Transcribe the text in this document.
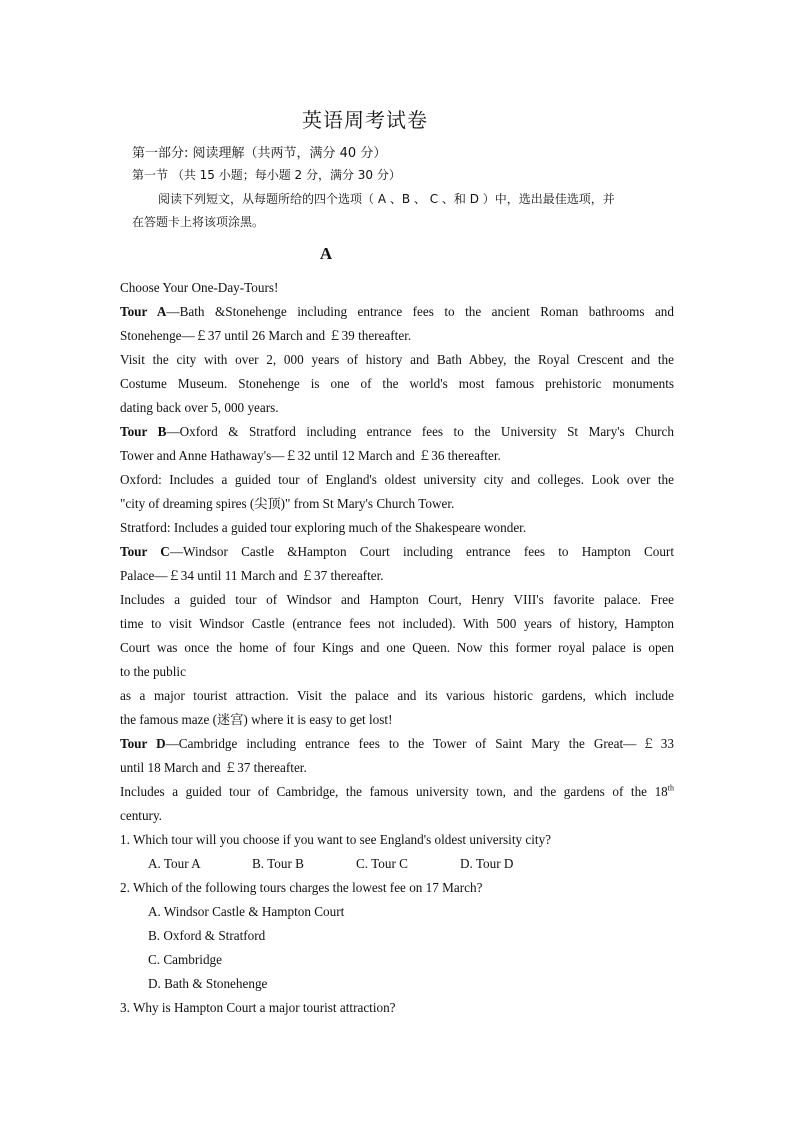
英语周考试卷
第一部分: 阅读理解（共两节，满分 40 分）
第一节 （共 15 小题；每小题 2 分，满分 30 分）
阅读下列短文，从每题所给的四个选项（ A 、B 、 C 、和 D ）中，选出最佳选项，并
在答题卡上将该项涂黑。
A
Choose Your One-Day-Tours!
Tour A—Bath &Stonehenge including entrance fees to the ancient Roman bathrooms and
Stonehenge—￡37 until 26 March and ￡39 thereafter.
Visit the city with over 2, 000 years of history and Bath Abbey, the Royal Crescent and the
Costume Museum. Stonehenge is one of the world's most famous prehistoric monuments
dating back over 5, 000 years.
Tour B—Oxford & Stratford including entrance fees to the University St Mary's Church
Tower and Anne Hathaway's—￡32 until 12 March and ￡36 thereafter.
Oxford: Includes a guided tour of England's oldest university city and colleges. Look over the
"city of dreaming spires (尖顶)" from St Mary's Church Tower.
Stratford: Includes a guided tour exploring much of the Shakespeare wonder.
Tour C—Windsor Castle &Hampton Court including entrance fees to Hampton Court
Palace—￡34 until 11 March and ￡37 thereafter.
Includes a guided tour of Windsor and Hampton Court, Henry VIII's favorite palace. Free
time to visit Windsor Castle (entrance fees not included). With 500 years of history, Hampton
Court was once the home of four Kings and one Queen. Now this former royal palace is open
to the public
as a major tourist attraction. Visit the palace and its various historic gardens, which include
the famous maze (迷宫) where it is easy to get lost!
Tour D—Cambridge including entrance fees to the Tower of Saint Mary the Great—￡33
until 18 March and ￡37 thereafter.
Includes a guided tour of Cambridge, the famous university town, and the gardens of the 18th
century.
1. Which tour will you choose if you want to see England's oldest university city?
A. Tour A	B. Tour B	C. Tour C	D. Tour D
2. Which of the following tours charges the lowest fee on 17 March?
A. Windsor Castle & Hampton Court
B. Oxford & Stratford
C. Cambridge
D. Bath & Stonehenge
3. Why is Hampton Court a major tourist attraction?
